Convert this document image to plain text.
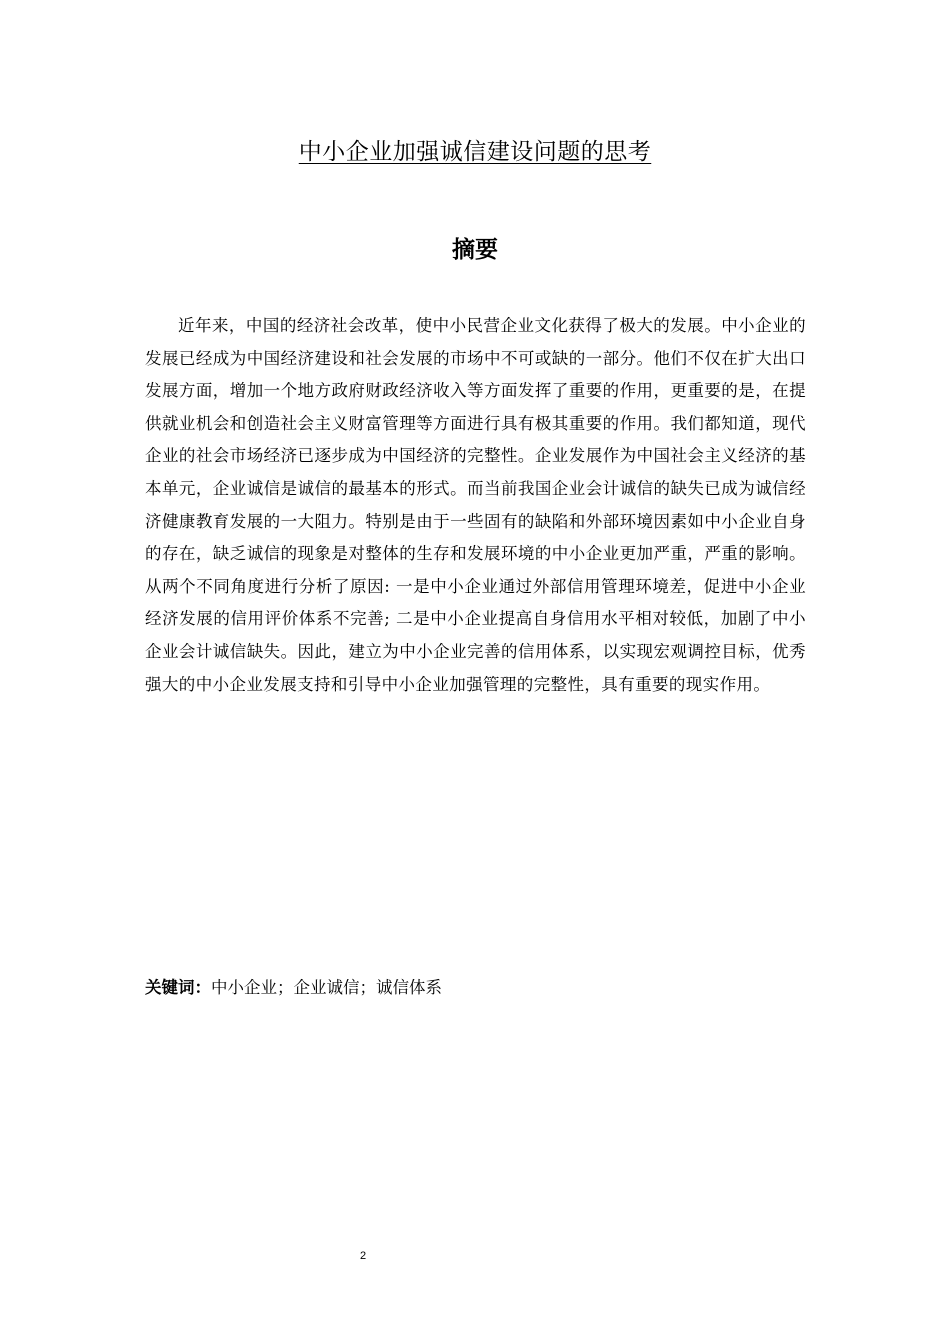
中小企业加强诚信建设问题的思考
摘要

近年来，中国的经济社会改革，使中小民营企业文化获得了极大的发展。中小企业的发展已经成为中国经济建设和社会发展的市场中不可或缺的一部分。他们不仅在扩大出口发展方面，增加一个地方政府财政经济收入等方面发挥了重要的作用，更重要的是，在提供就业机会和创造社会主义财富管理等方面进行具有极其重要的作用。我们都知道，现代企业的社会市场经济已逐步成为中国经济的完整性。企业发展作为中国社会主义经济的基本单元，企业诚信是诚信的最基本的形式。而当前我国企业会计诚信的缺失已成为诚信经济健康教育发展的一大阻力。特别是由于一些固有的缺陷和外部环境因素如中小企业自身的存在，缺乏诚信的现象是对整体的生存和发展环境的中小企业更加严重，严重的影响。从两个不同角度进行分析了原因: 一是中小企业通过外部信用管理环境差，促进中小企业经济发展的信用评价体系不完善; 二是中小企业提高自身信用水平相对较低，加剧了中小企业会计诚信缺失。因此，建立为中小企业完善的信用体系，以实现宏观调控目标，优秀强大的中小企业发展支持和引导中小企业加强管理的完整性，具有重要的现实作用。

关键词：中小企业；企业诚信；诚信体系
2
